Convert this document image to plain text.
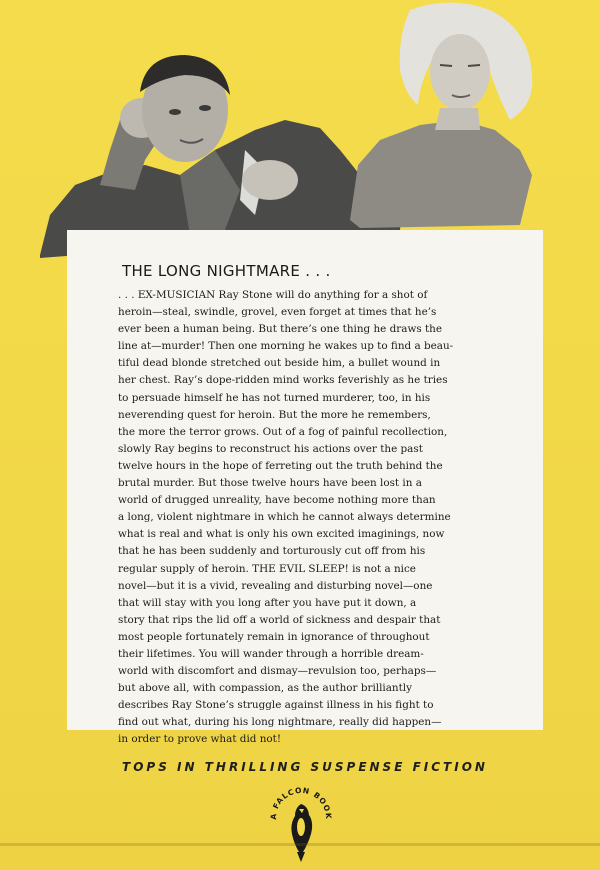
THE LONG NIGHTMARE . . .
. . . EX-MUSICIAN Ray Stone will do anything for a shot of
heroin—steal, swindle, grovel, even forget at times that he’s
ever been a human being. But there’s one thing he draws the
line at—murder! Then one morning he wakes up to find a beau-
tiful dead blonde stretched out beside him, a bullet wound in
her chest. Ray’s dope-ridden mind works feverishly as he tries
to persuade himself he has not turned murderer, too, in his
neverending quest for heroin. But the more he remembers,
the more the terror grows. Out of a fog of painful recollection,
slowly Ray begins to reconstruct his actions over the past
twelve hours in the hope of ferreting out the truth behind the
brutal murder. But those twelve hours have been lost in a
world of drugged unreality, have become nothing more than
a long, violent nightmare in which he cannot always determine
what is real and what is only his own excited imaginings, now
that he has been suddenly and torturously cut off from his
regular supply of heroin. THE EVIL SLEEP! is not a nice
novel—but it is a vivid, revealing and disturbing novel—one
that will stay with you long after you have put it down, a
story that rips the lid off a world of sickness and despair that
most people fortunately remain in ignorance of throughout
their lifetimes. You will wander through a horrible dream-
world with discomfort and dismay—revulsion too, perhaps—
but above all, with compassion, as the author brilliantly
describes Ray Stone’s struggle against illness in his fight to
find out what, during his long nightmare, really did happen—
in order to prove what did not!
TOPS IN THRILLING SUSPENSE FICTION
A FALCON BOOK
